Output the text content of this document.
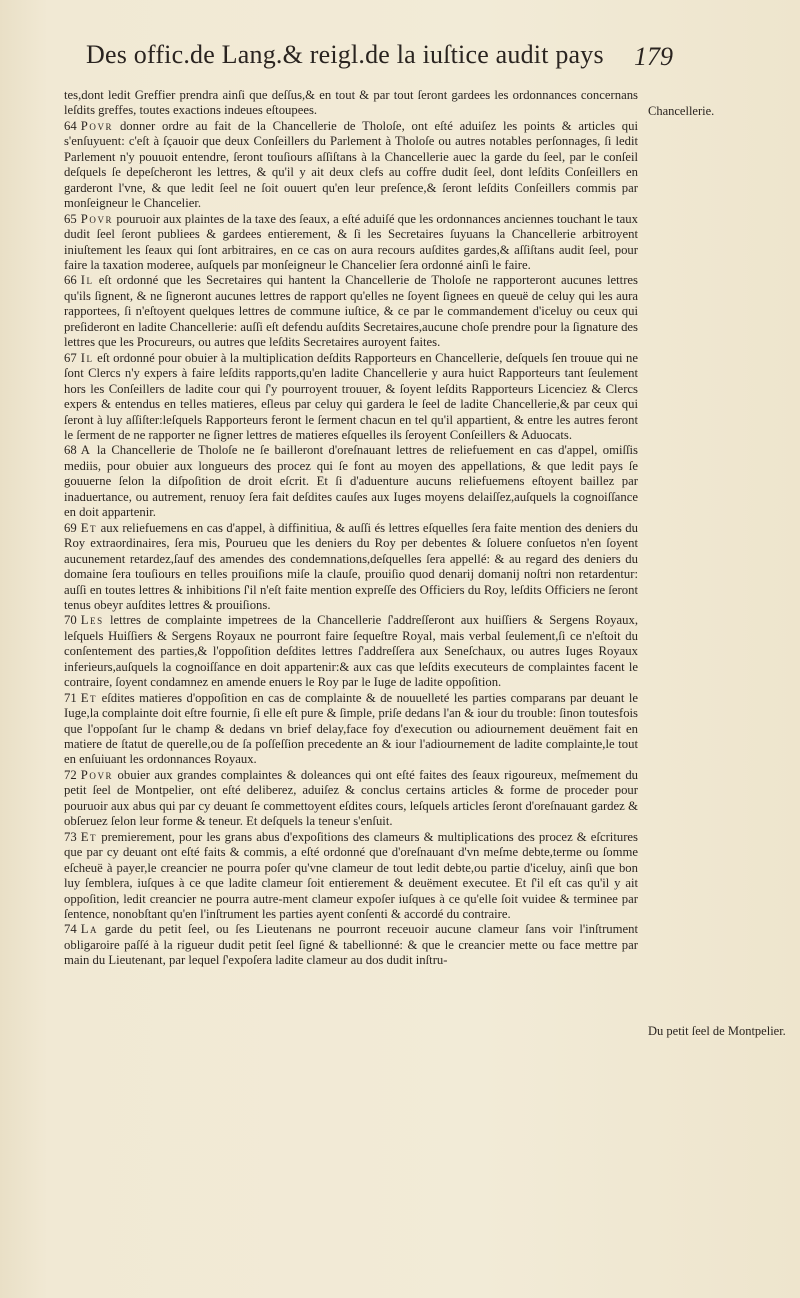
Des offic.de Lang.& reigl.de la iuſtice audit pays 179
Chancellerie.
Du petit ſeel de Montpelier.

tes,dont ledit Greffier prendra ainſi que deſſus,& en tout & par tout ſeront gardees les ordonnances concernans leſdits greffes, toutes exactions indeues eſtoupees.

64 Povr donner ordre au fait de la Chancellerie de Tholoſe, ont eſté aduiſez les points & articles qui s'enſuyuent: c'eſt à ſçauoir que deux Conſeillers du Parlement à Tholoſe ou autres notables perſonnages, ſi ledit Parlement n'y pouuoit entendre, ſeront touſiours aſſiſtans à la Chancellerie auec la garde du ſeel, par le conſeil deſquels ſe depeſcheront les lettres, & qu'il y ait deux clefs au coffre dudit ſeel, dont leſdits Conſeillers en garderont l'vne, & que ledit ſeel ne ſoit ouuert qu'en leur preſence,& ſeront leſdits Conſeillers commis par monſeigneur le Chancelier.

65 Povr pouruoir aux plaintes de la taxe des ſeaux, a eſté aduiſé que les ordonnances anciennes touchant le taux dudit ſeel ſeront publiees & gardees entierement, & ſi les Secretaires ſuyuans la Chancellerie arbitroyent iniuſtement les ſeaux qui ſont arbitraires, en ce cas on aura recours auſdites gardes,& aſſiſtans audit ſeel, pour faire la taxation moderee, auſquels par monſeigneur le Chancelier ſera ordonné ainſi le faire.

66 Il eſt ordonné que les Secretaires qui hantent la Chancellerie de Tholoſe ne rapporteront aucunes lettres qu'ils ſignent, & ne ſigneront aucunes lettres de rapport qu'elles ne ſoyent ſignees en queuë de celuy qui les aura rapportees, ſi n'eſtoyent quelques lettres de commune iuſtice, & ce par le commandement d'iceluy ou ceux qui preſideront en ladite Chancellerie: auſſi eſt defendu auſdits Secretaires,aucune choſe prendre pour la ſignature des lettres que les Procureurs, ou autres que leſdits Secretaires auroyent faites.

67 Il eſt ordonné pour obuier à la multiplication deſdits Rapporteurs en Chancellerie, deſquels ſen trouue qui ne ſont Clercs n'y expers à faire leſdits rapports,qu'en ladite Chancellerie y aura huict Rapporteurs tant ſeulement hors les Conſeillers de ladite cour qui ſ'y pourroyent trouuer, & ſoyent leſdits Rapporteurs Licenciez & Clercs expers & entendus en telles matieres, eſleus par celuy qui gardera le ſeel de ladite Chancellerie,& par ceux qui ſeront à luy aſſiſter:leſquels Rapporteurs feront le ſerment chacun en tel qu'il appartient, & entre les autres feront le ſerment de ne rapporter ne ſigner lettres de matieres eſquelles ils ſeroyent Conſeillers & Aduocats.

68 A la Chancellerie de Tholoſe ne ſe bailleront d'oreſnauant lettres de reliefuement en cas d'appel, omiſſis mediis, pour obuier aux longueurs des procez qui ſe font au moyen des appellations, & que ledit pays ſe gouuerne ſelon la diſpoſition de droit eſcrit. Et ſi d'aduenture aucuns reliefuemens eſtoyent baillez par inaduertance, ou autrement, renuoy ſera fait deſdites cauſes aux Iuges moyens delaiſſez,auſquels la cognoiſſance en doit appartenir.

69 Et aux reliefuemens en cas d'appel, à diffinitiua, & auſſi és lettres eſquelles ſera faite mention des deniers du Roy extraordinaires, ſera mis, Pourueu que les deniers du Roy per debentes & ſoluere conſuetos n'en ſoyent aucunement retardez,ſauf des amendes des condemnations,deſquelles ſera appellé: & au regard des deniers du domaine ſera touſiours en telles prouiſions miſe la clauſe, prouiſio quod denarij domanij noſtri non retardentur: auſſi en toutes lettres & inhibitions ſ'il n'eſt faite mention expreſſe des Officiers du Roy, leſdits Officiers ne ſeront tenus obeyr auſdites lettres & prouiſions.

70 Les lettres de complainte impetrees de la Chancellerie ſ'addreſſeront aux huiſſiers & Sergens Royaux, leſquels Huiſſiers & Sergens Royaux ne pourront faire ſequeſtre Royal, mais verbal ſeulement,ſi ce n'eſtoit du conſentement des parties,& l'oppoſition deſdites lettres ſ'addreſſera aux Seneſchaux, ou autres Iuges Royaux inferieurs,auſquels la cognoiſſance en doit appartenir:& aux cas que leſdits executeurs de complaintes facent le contraire, ſoyent condamnez en amende enuers le Roy par le Iuge de ladite oppoſition.

71 Et eſdites matieres d'oppoſition en cas de complainte & de nouuelleté les parties comparans par deuant le Iuge,la complainte doit eſtre fournie, ſi elle eſt pure & ſimple, priſe dedans l'an & iour du trouble: ſinon toutesfois que l'oppoſant ſur le champ & dedans vn brief delay,face foy d'execution ou adiournement deuëment fait en matiere de ſtatut de querelle,ou de ſa poſſeſſion precedente an & iour l'adiournement de ladite complainte,le tout en enſuiuant les ordonnances Royaux.

72 Povr obuier aux grandes complaintes & doleances qui ont eſté faites des ſeaux rigoureux, meſmement du petit ſeel de Montpelier, ont eſté deliberez, aduiſez & conclus certains articles & forme de proceder pour pouruoir aux abus qui par cy deuant ſe commettoyent eſdites cours, leſquels articles ſeront d'oreſnauant gardez & obſeruez ſelon leur forme & teneur. Et deſquels la teneur s'enſuit.

73 Et premierement, pour les grans abus d'expoſitions des clameurs & multiplications des procez & eſcritures que par cy deuant ont eſté faits & commis, a eſté ordonné que d'oreſnauant d'vn meſme debte,terme ou ſomme eſcheuë à payer,le creancier ne pourra poſer qu'vne clameur de tout ledit debte,ou partie d'iceluy, ainſi que bon luy ſemblera, iuſques à ce que ladite clameur ſoit entierement & deuëment executee. Et ſ'il eſt cas qu'il y ait oppoſition, ledit creancier ne pourra autre-ment clameur expoſer iuſques à ce qu'elle ſoit vuidee & terminee par ſentence, nonobſtant qu'en l'inſtrument les parties ayent conſenti & accordé du contraire.

74 La garde du petit ſeel, ou ſes Lieutenans ne pourront receuoir aucune clameur ſans voir l'inſtrument obligaroire paſſé à la rigueur dudit petit ſeel ſigné & tabellionné: & que le creancier mette ou face mettre par main du Lieutenant, par lequel ſ'expoſera ladite clameur au dos dudit inſtru-
